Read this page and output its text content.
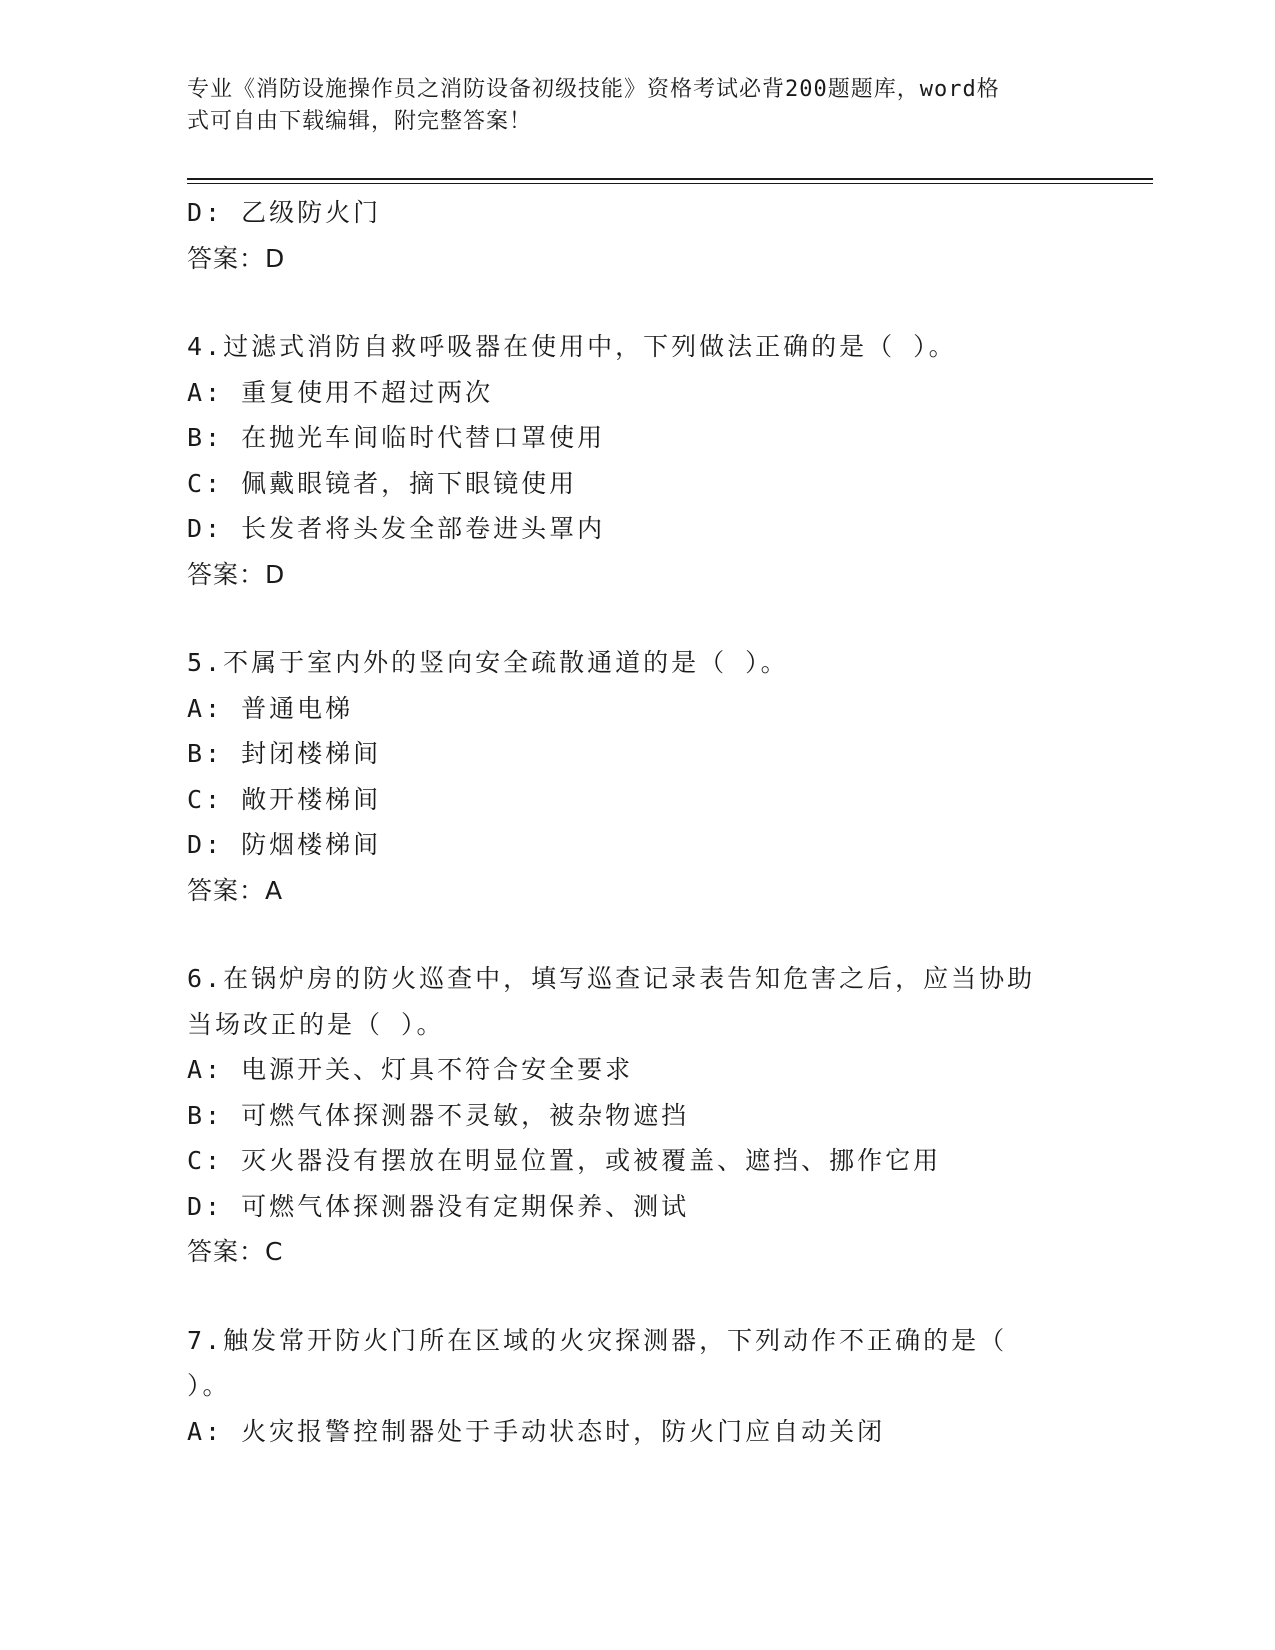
专业《消防设施操作员之消防设备初级技能》资格考试必背200题题库，word格
式可自由下载编辑，附完整答案！
D: 乙级防火门
答案：D
4.过滤式消防自救呼吸器在使用中，下列做法正确的是（ ）。
A: 重复使用不超过两次
B: 在抛光车间临时代替口罩使用
C: 佩戴眼镜者，摘下眼镜使用
D: 长发者将头发全部卷进头罩内
答案：D
5.不属于室内外的竖向安全疏散通道的是（ ）。
A: 普通电梯
B: 封闭楼梯间
C: 敞开楼梯间
D: 防烟楼梯间
答案：A
6.在锅炉房的防火巡查中，填写巡查记录表告知危害之后，应当协助
当场改正的是（ ）。
A: 电源开关、灯具不符合安全要求
B: 可燃气体探测器不灵敏，被杂物遮挡
C: 灭火器没有摆放在明显位置，或被覆盖、遮挡、挪作它用
D: 可燃气体探测器没有定期保养、测试
答案：C
7.触发常开防火门所在区域的火灾探测器，下列动作不正确的是（
）。
A: 火灾报警控制器处于手动状态时，防火门应自动关闭
